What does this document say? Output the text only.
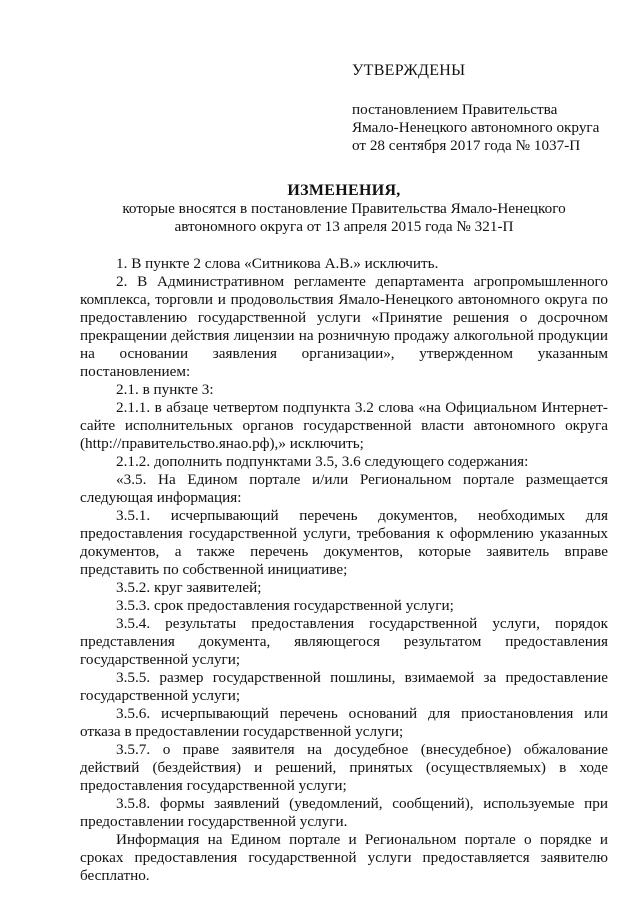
УТВЕРЖДЕНЫ
постановлением Правительства
Ямало-Ненецкого автономного округа
от 28 сентября 2017 года № 1037-П
ИЗМЕНЕНИЯ,
которые вносятся в постановление Правительства Ямало-Ненецкого
автономного округа от 13 апреля 2015 года № 321-П

1. В пункте 2 слова «Ситникова А.В.» исключить.

2. В Административном регламенте департамента агропромышленного комплекса, торговли и продовольствия Ямало-Ненецкого автономного округа по предоставлению государственной услуги «Принятие решения о досрочном прекращении действия лицензии на розничную продажу алкогольной продукции на основании заявления организации», утвержденном указанным постановлением:

2.1. в пункте 3:

2.1.1. в абзаце четвертом подпункта 3.2 слова «на Официальном Интернет-сайте исполнительных органов государственной власти автономного округа (http://правительство.янао.рф),» исключить;

2.1.2. дополнить подпунктами 3.5, 3.6 следующего содержания:

«3.5. На Едином портале и/или Региональном портале размещается следующая информация:

3.5.1. исчерпывающий перечень документов, необходимых для предоставления государственной услуги, требования к оформлению указанных документов, а также перечень документов, которые заявитель вправе представить по собственной инициативе;

3.5.2. круг заявителей;

3.5.3. срок предоставления государственной услуги;

3.5.4. результаты предоставления государственной услуги, порядок представления документа, являющегося результатом предоставления государственной услуги;

3.5.5. размер государственной пошлины, взимаемой за предоставление государственной услуги;

3.5.6. исчерпывающий перечень оснований для приостановления или отказа в предоставлении государственной услуги;

3.5.7. о праве заявителя на досудебное (внесудебное) обжалование действий (бездействия) и решений, принятых (осуществляемых) в ходе предоставления государственной услуги;

3.5.8. формы заявлений (уведомлений, сообщений), используемые при предоставлении государственной услуги.

Информация на Едином портале и Региональном портале о порядке и сроках предоставления государственной услуги предоставляется заявителю бесплатно.
